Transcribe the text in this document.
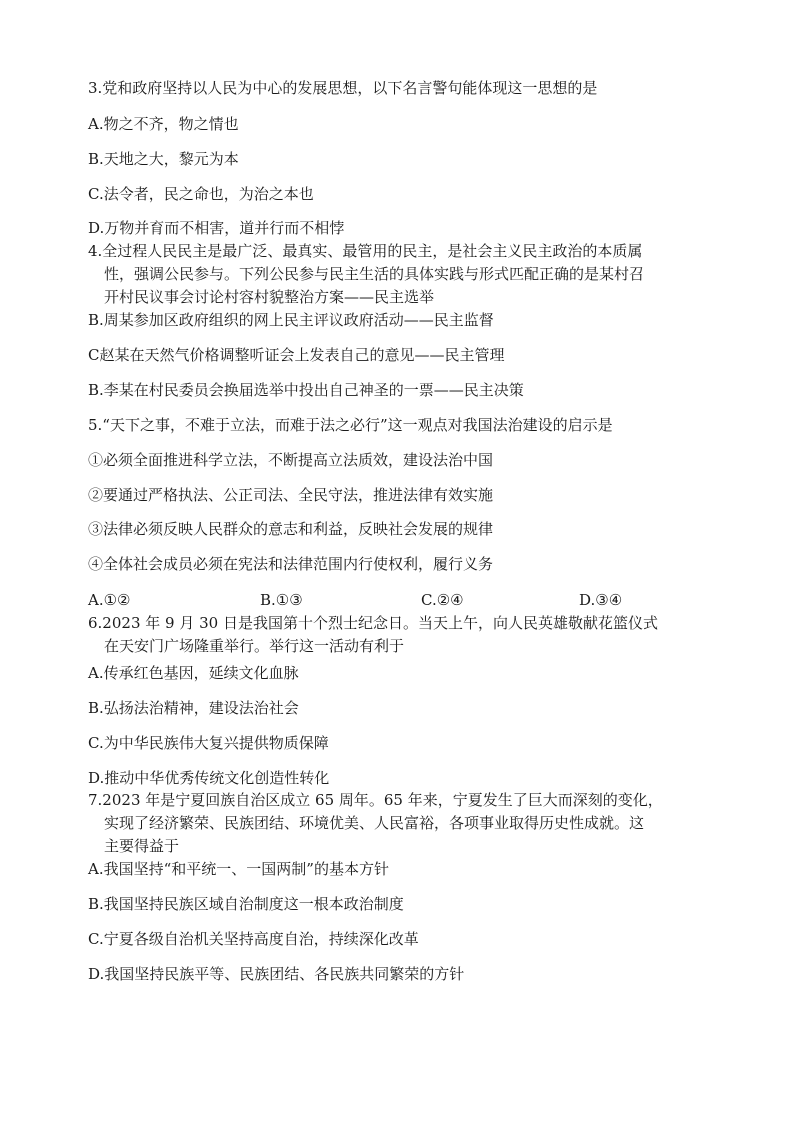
3.党和政府坚持以人民为中心的发展思想，以下名言警句能体现这一思想的是
A.物之不齐，物之情也
B.天地之大，黎元为本
C.法令者，民之命也，为治之本也
D.万物并育而不相害，道并行而不相悖
4.全过程人民民主是最广泛、最真实、最管用的民主，是社会主义民主政治的本质属
性，强调公民参与。下列公民参与民主生活的具体实践与形式匹配正确的是某村召
开村民议事会讨论村容村貌整治方案——民主选举
B.周某参加区政府组织的网上民主评议政府活动——民主监督
C赵某在天然气价格调整听证会上发表自己的意见——民主管理
B.李某在村民委员会换届选举中投出自己神圣的一票——民主决策
5.“天下之事，不难于立法，而难于法之必行”这一观点对我国法治建设的启示是
①必须全面推进科学立法，不断提高立法质效，建设法治中国
②要通过严格执法、公正司法、全民守法，推进法律有效实施
③法律必须反映人民群众的意志和利益，反映社会发展的规律
④全体社会成员必须在宪法和法律范围内行使权利，履行义务
A.①②	B.①③	C.②④	D.③④
6.2023 年 9 月 30 日是我国第十个烈士纪念日。当天上午，向人民英雄敬献花篮仪式
在天安门广场隆重举行。举行这一活动有利于
A.传承红色基因，延续文化血脉
B.弘扬法治精神，建设法治社会
C.为中华民族伟大复兴提供物质保障
D.推动中华优秀传统文化创造性转化
7.2023 年是宁夏回族自治区成立 65 周年。65 年来，宁夏发生了巨大而深刻的变化，
实现了经济繁荣、民族团结、环境优美、人民富裕，各项事业取得历史性成就。这
主要得益于
A.我国坚持“和平统一、一国两制”的基本方针
B.我国坚持民族区域自治制度这一根本政治制度
C.宁夏各级自治机关坚持高度自治，持续深化改革
D.我国坚持民族平等、民族团结、各民族共同繁荣的方针
